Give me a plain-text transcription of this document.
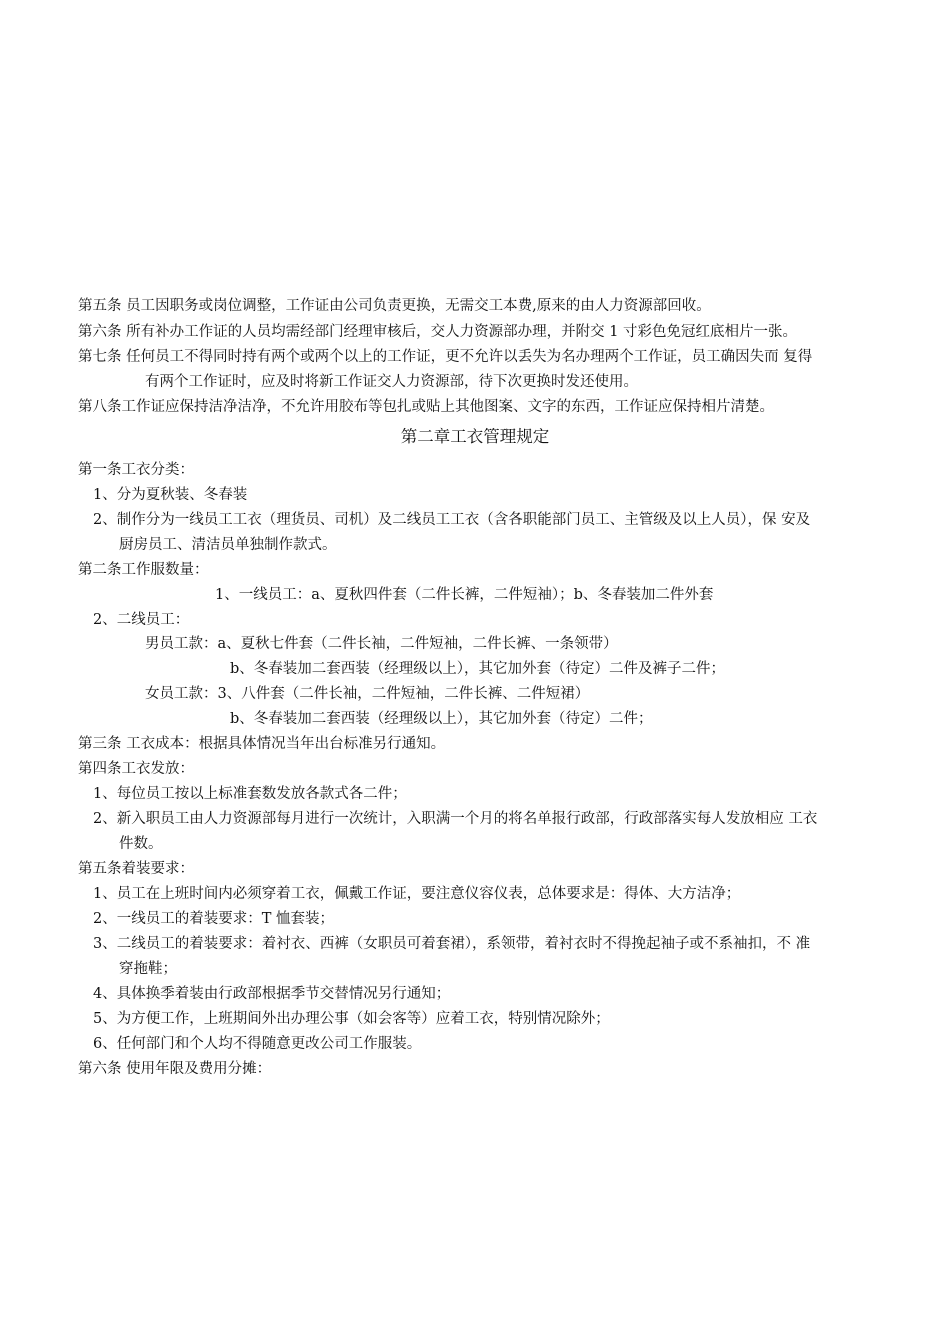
第五条 员工因职务或岗位调整，工作证由公司负责更换，无需交工本费,原来的由人力资源部回收。
第六条 所有补办工作证的人员均需经部门经理审核后，交人力资源部办理，并附交 1 寸彩色免冠红底相片一张。
第七条 任何员工不得同时持有两个或两个以上的工作证，更不允许以丢失为名办理两个工作证，员工确因失而 复得
有两个工作证时，应及时将新工作证交人力资源部，待下次更换时发还使用。
第八条工作证应保持洁净洁净，不允许用胶布等包扎或贴上其他图案、文字的东西，工作证应保持相片清楚。
第二章工衣管理规定
第一条工衣分类：
1、分为夏秋装、冬春装
2、制作分为一线员工工衣（理货员、司机）及二线员工工衣（含各职能部门员工、主管级及以上人员），保 安及
厨房员工、清洁员单独制作款式。
第二条工作服数量：
1、一线员工：a、夏秋四件套（二件长裤，二件短袖）；b、冬春装加二件外套
2、二线员工：
男员工款：a、夏秋七件套（二件长袖，二件短袖，二件长裤、一条领带）
b、冬春装加二套西装（经理级以上），其它加外套（待定）二件及裤子二件；
女员工款：3、八件套（二件长袖，二件短袖，二件长裤、二件短裙）
b、冬春装加二套西装（经理级以上），其它加外套（待定）二件；
第三条 工衣成本：根据具体情况当年出台标准另行通知。
第四条工衣发放：
1、每位员工按以上标准套数发放各款式各二件；
2、新入职员工由人力资源部每月进行一次统计，入职满一个月的将名单报行政部，行政部落实每人发放相应 工衣
件数。
第五条着装要求：
1、员工在上班时间内必须穿着工衣，佩戴工作证，要注意仪容仪表，总体要求是：得体、大方洁净；
2、一线员工的着装要求：T 恤套装；
3、二线员工的着装要求：着衬衣、西裤（女职员可着套裙），系领带，着衬衣时不得挽起袖子或不系袖扣，不 准
穿拖鞋；
4、具体换季着装由行政部根据季节交替情况另行通知；
5、为方便工作，上班期间外出办理公事（如会客等）应着工衣，特别情况除外；
6、任何部门和个人均不得随意更改公司工作服装。
第六条 使用年限及费用分摊：
